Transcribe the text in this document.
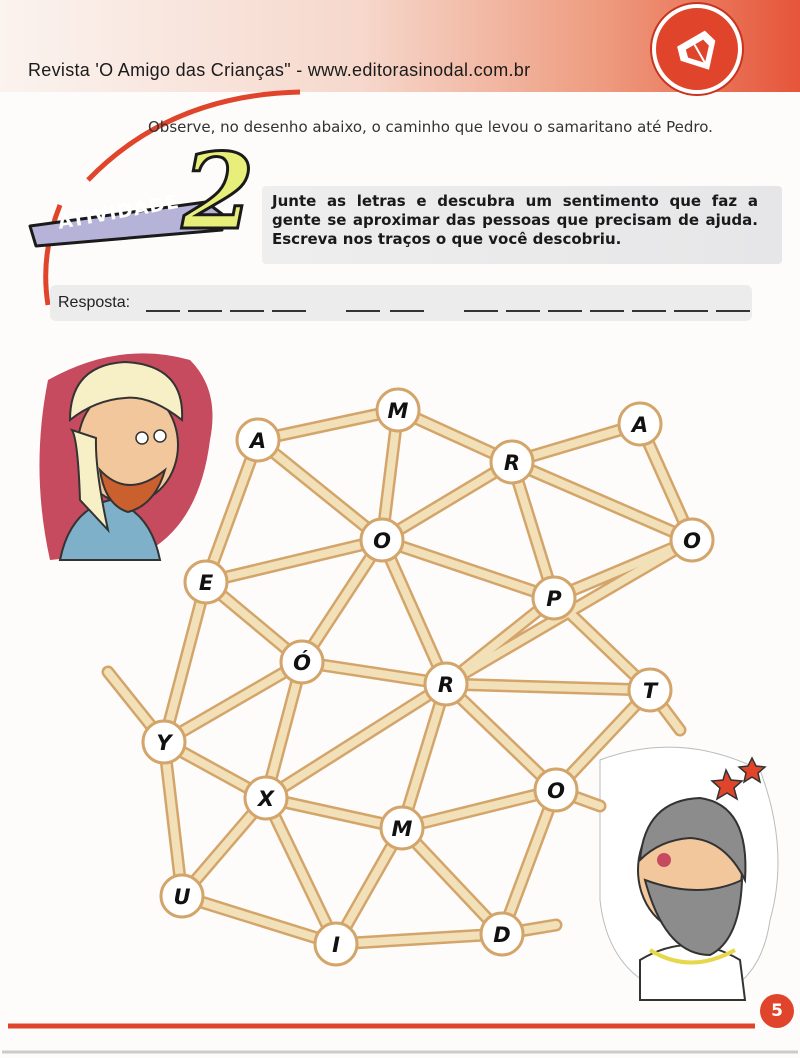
Revista 'O Amigo das Crianças" - www.editorasinodal.com.br
Observe, no desenho abaixo, o caminho que levou o samaritano até Pedro.
ATIVIDADE 2 Junte as letras e descubra um sentimento que faz a gente se aproximar das pessoas que precisam de ajuda. Escreva nos traços o que você descobriu.
Resposta:
M
A
A
R
O	O
E
P
Ó
R	T
Y
X	O
M
U
I	D
5
